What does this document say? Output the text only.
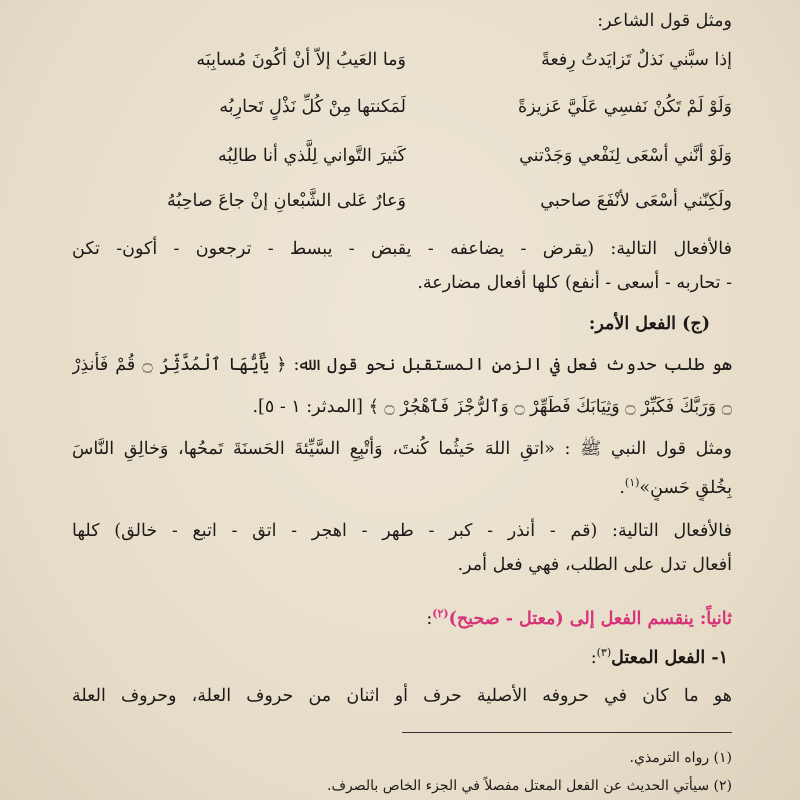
ومثل قول الشاعر:
إذا سبَّني نَذلٌ تَزايَدتُ رِفعةً
وَما العَيبُ إلاّ أنْ أكُونَ مُسابِبَه
وَلَوْ لَمْ تَكُنْ نَفسِي عَلَيَّ عَزيزةً
لَمَكنتها مِنْ كُلِّ نَذْلٍ تَحارِبُه
وَلَوْ أنَّني أسْعَى لِنَفْعي وَجَدْتني
كَثيرَ التَّواني لِلَّذي أنا طالِبُه
ولَكِنّني أسْعَى لأنْفَعَ صاحبي
وَعارٌ عَلى الشَّبْعانِ إنْ جاعَ صاحِبُهُ
فالأفعال التالية: (يقرض - يضاعفه - يقبض - يبسط - ترجعون - أكون- تكن
- تحاربه - أسعى - أنفع) كلها أفعال مضارعة.
(ج) الفعل الأمر:
هو طلب حدوث فعل في الزمن المستقبل نحو قول الله: ﴿ يَٰٓأَيُّهَا ٱلْمُدَّثِّرُ ۝ قُمْ فَأَنذِرْ
۝ وَرَبَّكَ فَكَبِّرْ ۝ وَثِيَابَكَ فَطَهِّرْ ۝ وَٱلرُّجْزَ فَٱهْجُرْ ۝ ﴾ [المدثر: ١ - ٥].
ومثل قول النبي ﷺ : «اتقِ اللهَ حَيثُما كُنتَ، وَأتْبِعِ السَّيِّئةَ الحَسنَةَ تَمحُها، وَخالِقِ النَّاسَ
بِخُلقٍ حَسنٍ»$^{(١)}$.
فالأفعال التالية: (قم - أنذر - كبر - طهر - اهجر - اتق - اتبع - خالق) كلها
أفعال تدل على الطلب، فهي فعل أمر.
ثانياً: ينقسم الفعل إلى (معتل - صحيح)$^{(٢)}$:
١- الفعل المعتل$^{(٣)}$:
هو ما كان في حروفه الأصلية حرف أو اثنان من حروف العلة، وحروف العلة
(١) رواه الترمذي.
(٢) سيأتي الحديث عن الفعل المعتل مفصلاً في الجزء الخاص بالصرف.
